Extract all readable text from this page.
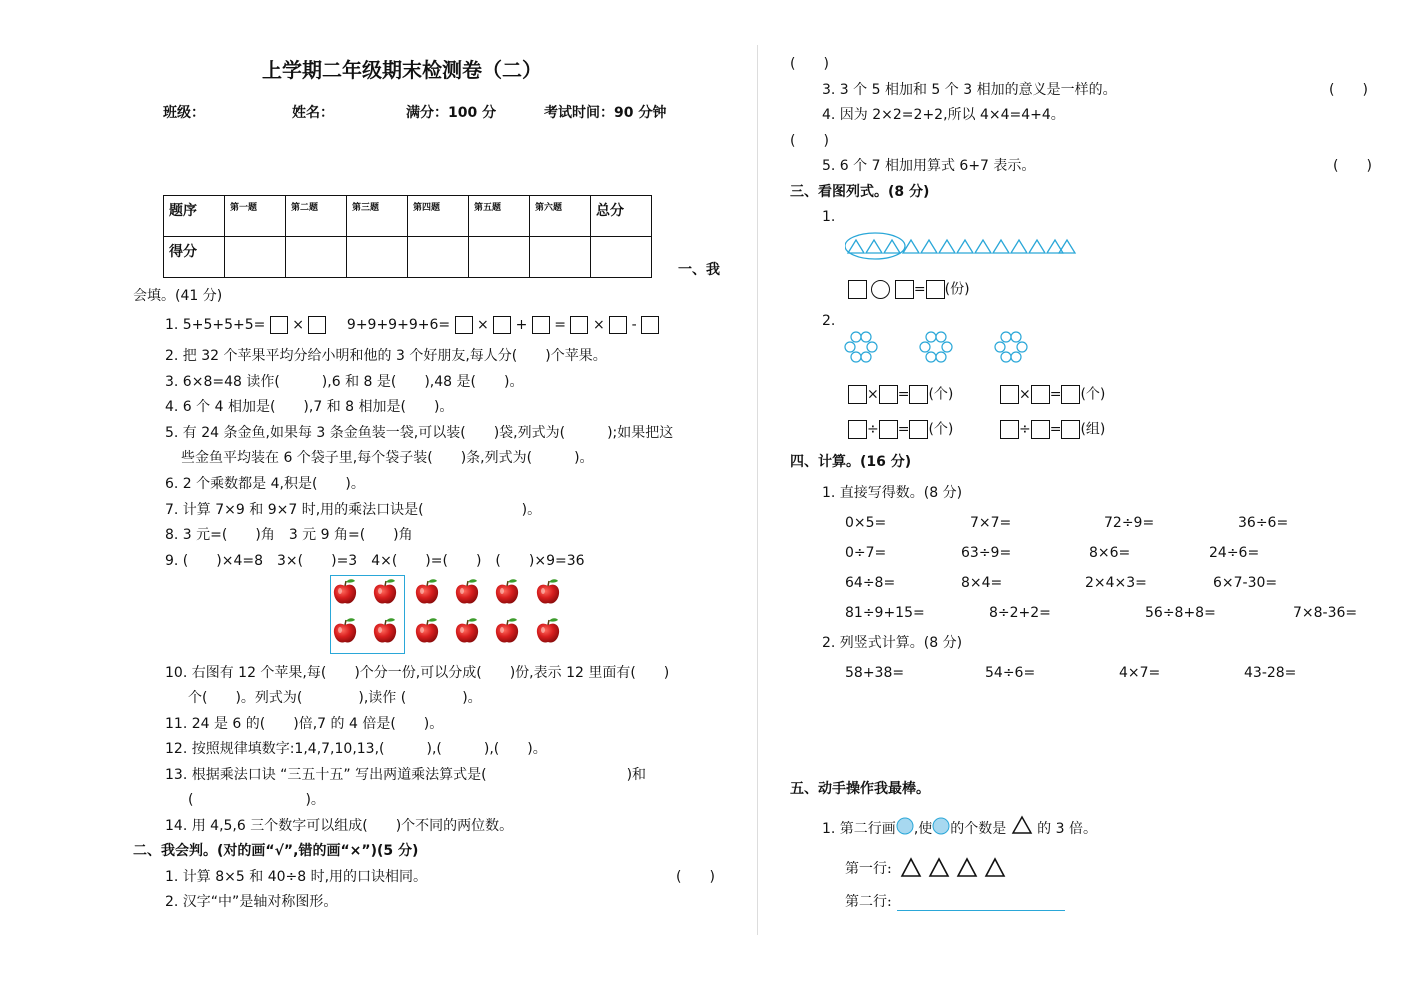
上学期二年级期末检测卷（二）
班级：	姓名：	满分：100 分	考试时间：90 分钟
题序	第一题	第二题	第三题	第四题	第五题	第六题	总分
得分							
一、我
会填。(41 分)
1. 5+5+5+5= ×	9+9+9+9+6= × + = × -
2. 把 32 个苹果平均分给小明和他的 3 个好朋友,每人分(　　)个苹果。
3. 6×8=48 读作(　　　),6 和 8 是(　　),48 是(　　)。
4. 6 个 4 相加是(　　),7 和 8 相加是(　　)。
5. 有 24 条金鱼,如果每 3 条金鱼装一袋,可以装(　　)袋,列式为(　　　);如果把这
些金鱼平均装在 6 个袋子里,每个袋子装(　　)条,列式为(　　　)。
6. 2 个乘数都是 4,积是(　　)。
7. 计算 7×9 和 9×7 时,用的乘法口诀是(　　　　　　　)。
8. 3 元=(　　)角　3 元 9 角=(　　)角
9. (　　)×4=8　3×(　　)=3　4×(　　)=(　　)　(　　)×9=36
10. 右图有 12 个苹果,每(　　)个分一份,可以分成(　　)份,表示 12 里面有(　　)
个(　　)。列式为(　　　　),读作 (　　　　)。
11. 24 是 6 的(　　)倍,7 的 4 倍是(　　)。
12. 按照规律填数字:1,4,7,10,13,(　　　),(　　　),(　　)。
13. 根据乘法口诀 “三五十五” 写出两道乘法算式是(　　　　　　　　　　)和
(　　　　　　　　)。
14. 用 4,5,6 三个数字可以组成(　　)个不同的两位数。
二、我会判。(对的画“√”,错的画“×”)(5 分)
1. 计算 8×5 和 40÷8 时,用的口诀相同。	(　　)
2. 汉字“中”是轴对称图形。
(　　)
3. 3 个 5 相加和 5 个 3 相加的意义是一样的。	(　　)
4. 因为 2×2=2+2,所以 4×4=4+4。
(　　)
5. 6 个 7 相加用算式 6+7 表示。	(　　)
三、看图列式。(8 分)
1.
= (份)
2.
× = (个)	× = (个)
÷ = (个)	÷ = (组)
四、计算。(16 分)
1. 直接写得数。(8 分)
0×5=	7×7=	72÷9=	36÷6=
0÷7=	63÷9=	8×6=	24÷6=
64÷8=	8×4=	2×4×3=	6×7-30=
81÷9+15=	8÷2+2=	56÷8+8=	7×8-36=
2. 列竖式计算。(8 分)
58+38=	54÷6=	4×7=	43-28=
五、动手操作我最棒。
1. 第二行画 ,使 的个数是 的 3 倍。
第一行:
第二行:
